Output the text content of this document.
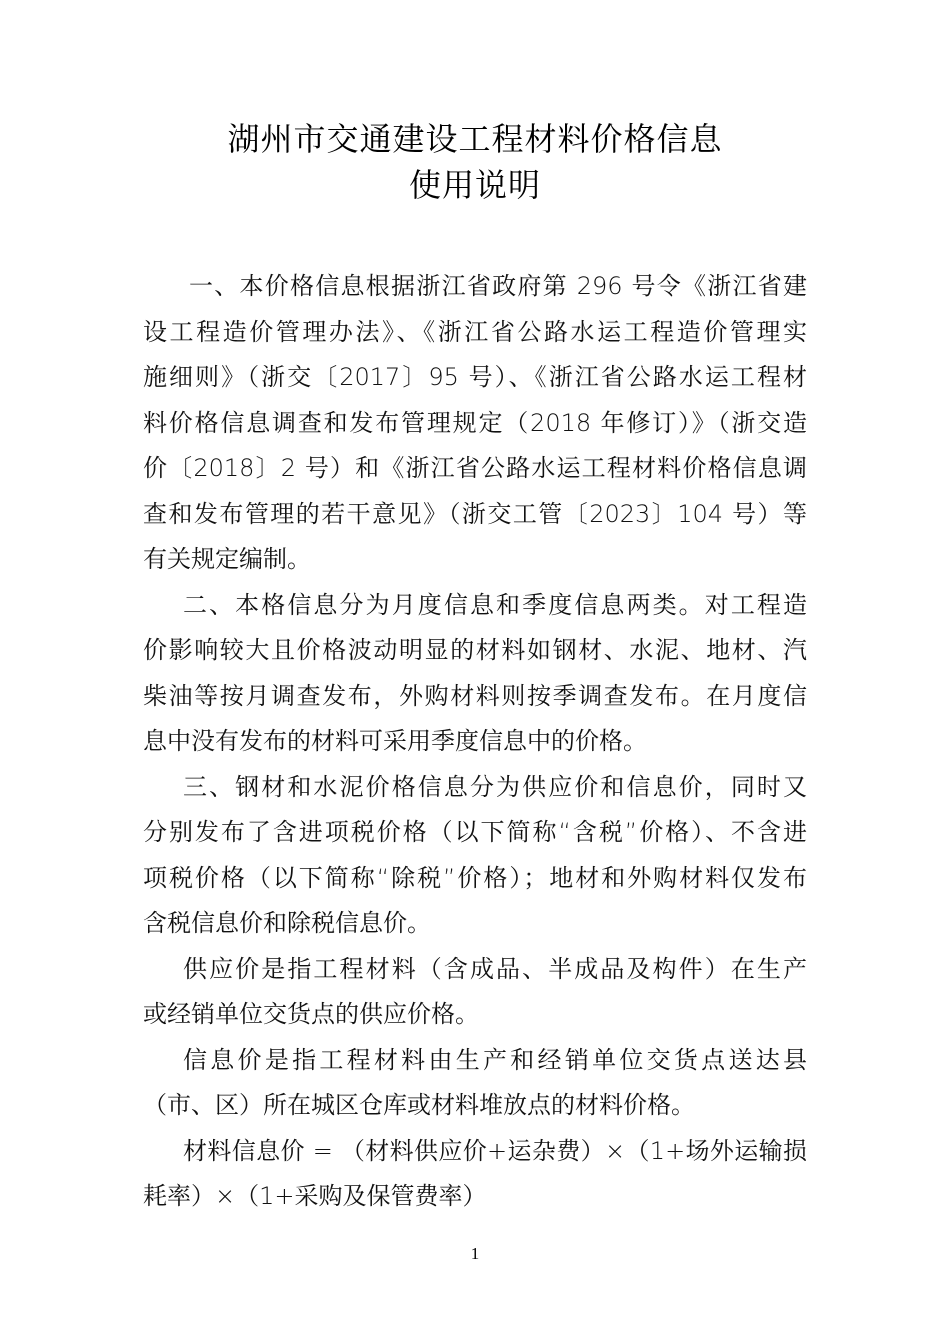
湖州市交通建设工程材料价格信息
使用说明
一、本价格信息根据浙江省政府第 296 号令《浙江省建
设工程造价管理办法》、《浙江省公路水运工程造价管理实
施细则》（浙交〔2017〕95 号）、《浙江省公路水运工程材
料价格信息调查和发布管理规定（2018 年修订）》（浙交造
价〔2018〕2 号）和《浙江省公路水运工程材料价格信息调
查和发布管理的若干意见》（浙交工管〔2023〕104 号）等
有关规定编制。
二、本格信息分为月度信息和季度信息两类。对工程造
价影响较大且价格波动明显的材料如钢材、水泥、地材、汽
柴油等按月调查发布，外购材料则按季调查发布。在月度信
息中没有发布的材料可采用季度信息中的价格。
三、钢材和水泥价格信息分为供应价和信息价，同时又
分别发布了含进项税价格（以下简称“含税”价格）、不含进
项税价格（以下简称“除税”价格）；地材和外购材料仅发布
含税信息价和除税信息价。
供应价是指工程材料（含成品、半成品及构件）在生产
或经销单位交货点的供应价格。
信息价是指工程材料由生产和经销单位交货点送达县
（市、区）所在城区仓库或材料堆放点的材料价格。
材料信息价 = （材料供应价+运杂费）×（1+场外运输损
耗率）×（1+采购及保管费率）
1
